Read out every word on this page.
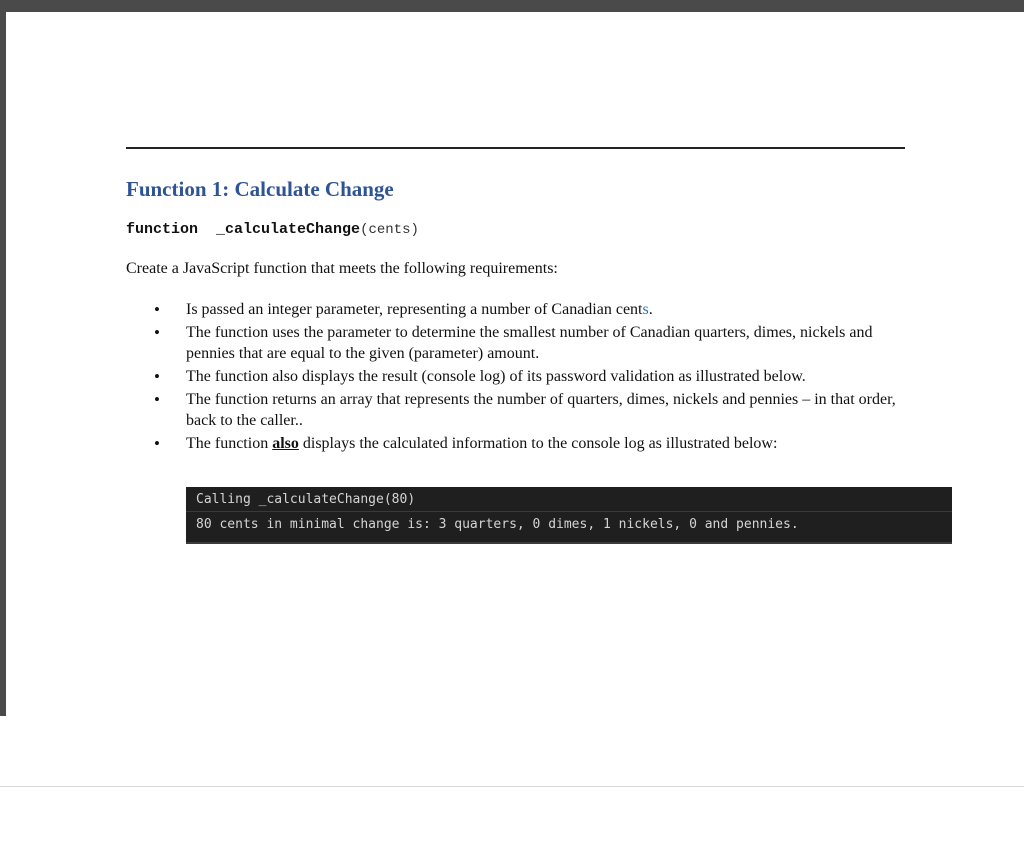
Function 1: Calculate Change
function _calculateChange(cents)

Create a JavaScript function that meets the following requirements:

• Is passed an integer parameter, representing a number of Canadian cents.
• The function uses the parameter to determine the smallest number of Canadian quarters, dimes, nickels and pennies that are equal to the given (parameter) amount.
• The function also displays the result (console log) of its password validation as illustrated below.
• The function returns an array that represents the number of quarters, dimes, nickels and pennies – in that order, back to the caller..
• The function also displays the calculated information to the console log as illustrated below:
Calling _calculateChange(80)
80 cents in minimal change is: 3 quarters, 0 dimes, 1 nickels, 0 and pennies.
